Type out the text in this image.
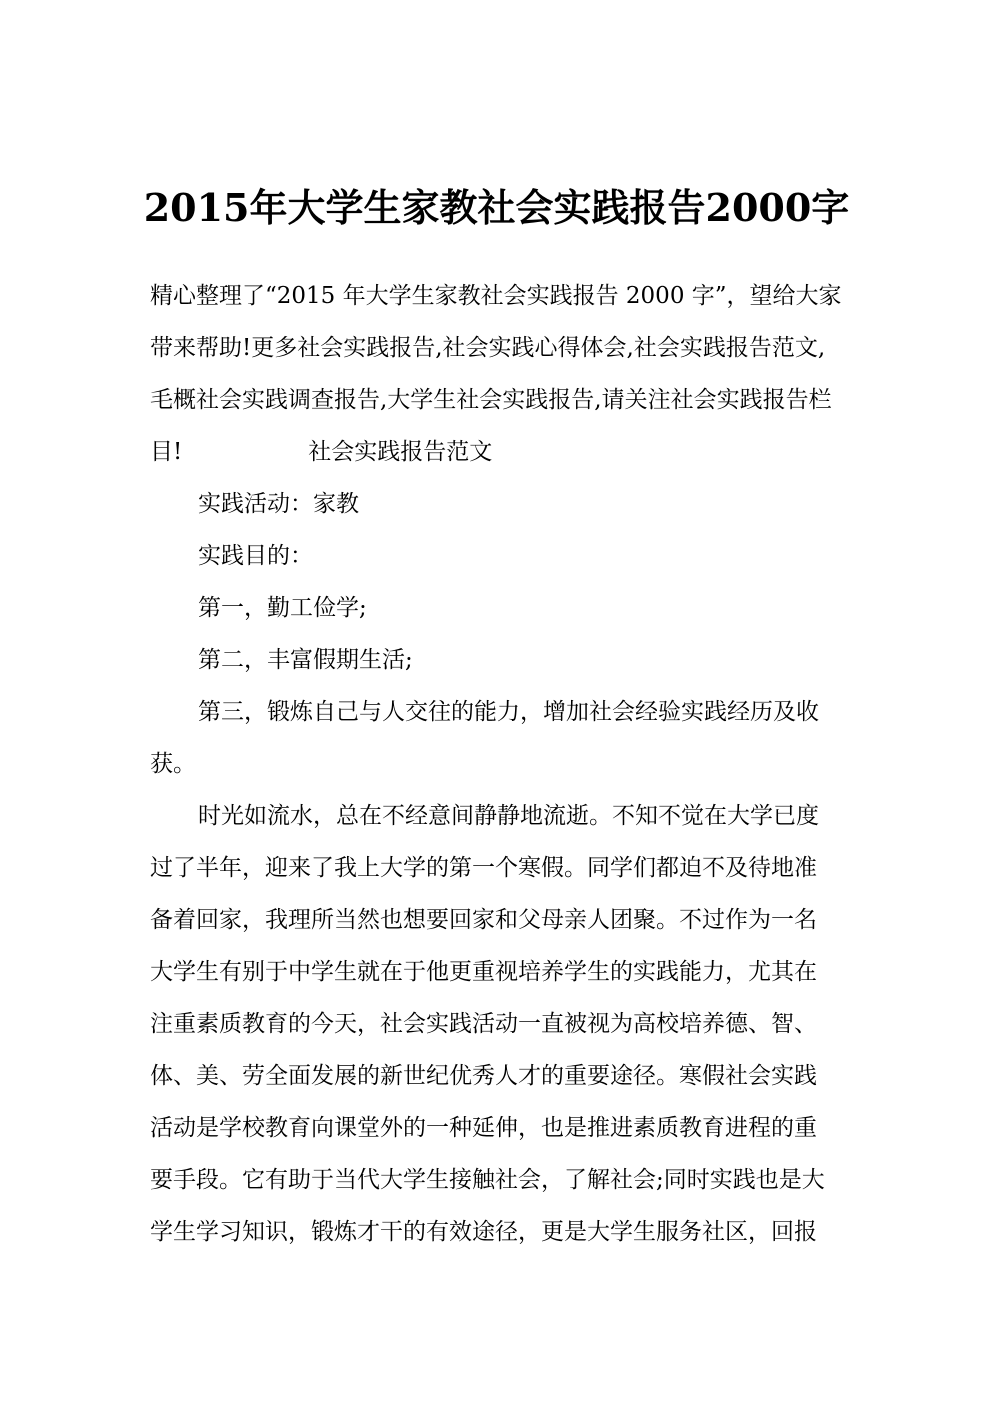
2015年大学生家教社会实践报告2000字
精心整理了“2015 年大学生家教社会实践报告 2000 字”，望给大家
带来帮助!更多社会实践报告,社会实践心得体会,社会实践报告范文,
毛概社会实践调查报告,大学生社会实践报告,请关注社会实践报告栏
目!	社会实践报告范文
实践活动：家教
实践目的：
第一，勤工俭学;
第二，丰富假期生活;
第三，锻炼自己与人交往的能力，增加社会经验实践经历及收
获。
时光如流水，总在不经意间静静地流逝。不知不觉在大学已度
过了半年，迎来了我上大学的第一个寒假。同学们都迫不及待地准
备着回家，我理所当然也想要回家和父母亲人团聚。不过作为一名
大学生有别于中学生就在于他更重视培养学生的实践能力，尤其在
注重素质教育的今天，社会实践活动一直被视为高校培养德、智、
体、美、劳全面发展的新世纪优秀人才的重要途径。寒假社会实践
活动是学校教育向课堂外的一种延伸，也是推进素质教育进程的重
要手段。它有助于当代大学生接触社会，了解社会;同时实践也是大
学生学习知识，锻炼才干的有效途径，更是大学生服务社区，回报
